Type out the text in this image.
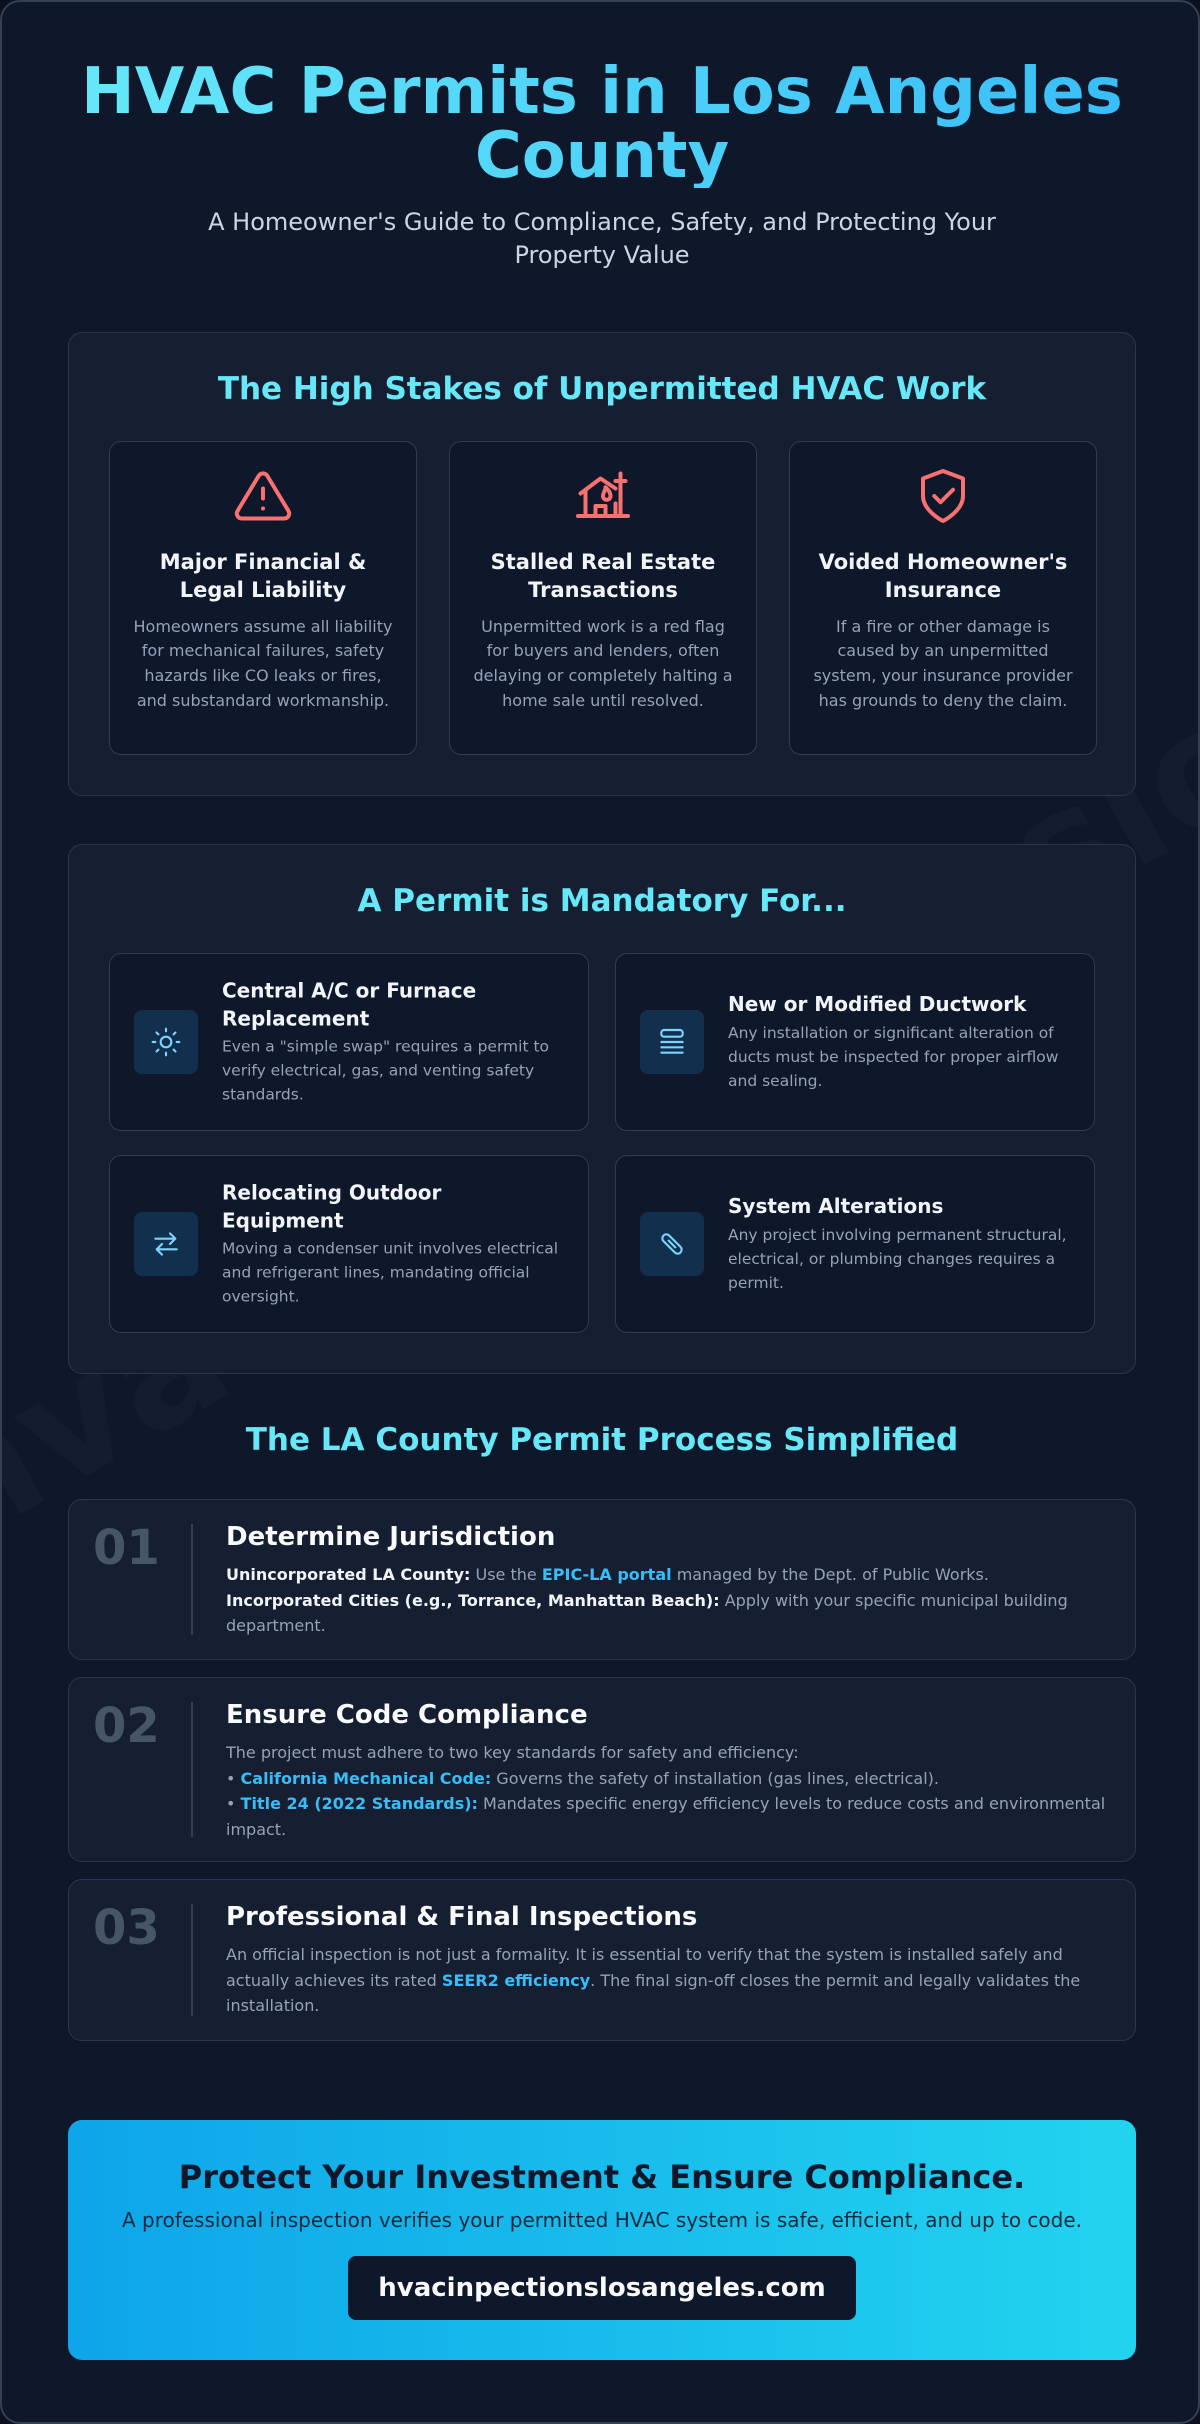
HVAC Permits in Los Angeles County

A Homeowner's Guide to Compliance, Safety, and Protecting Your Property Value

The High Stakes of Unpermitted HVAC Work
Major Financial & Legal Liability

Homeowners assume all liability for mechanical failures, safety hazards like CO leaks or fires, and substandard workmanship.

Stalled Real Estate Transactions

Unpermitted work is a red flag for buyers and lenders, often delaying or completely halting a home sale until resolved.

Voided Homeowner's Insurance

If a fire or other damage is caused by an unpermitted system, your insurance provider has grounds to deny the claim.

A Permit is Mandatory For...
Central A/C or Furnace Replacement

Even a "simple swap" requires a permit to verify electrical, gas, and venting safety standards.

New or Modified Ductwork

Any installation or significant alteration of ducts must be inspected for proper airflow and sealing.

Relocating Outdoor Equipment

Moving a condenser unit involves electrical and refrigerant lines, mandating official oversight.

System Alterations

Any project involving permanent structural, electrical, or plumbing changes requires a permit.

The LA County Permit Process Simplified
01	Determine Jurisdiction

Unincorporated LA County: Use the EPIC-LA portal managed by the Dept. of Public Works.

Incorporated Cities (e.g., Torrance, Manhattan Beach): Apply with your specific municipal building department.

02	Ensure Code Compliance

The project must adhere to two key standards for safety and efficiency:

• California Mechanical Code: Governs the safety of installation (gas lines, electrical).

• Title 24 (2022 Standards): Mandates specific energy efficiency levels to reduce costs and environmental impact.

03	Professional & Final Inspections

An official inspection is not just a formality. It is essential to verify that the system is installed safely and actually achieves its rated SEER2 efficiency. The final sign-off closes the permit and legally validates the installation.

Protect Your Investment & Ensure Compliance.

A professional inspection verifies your permitted HVAC system is safe, efficient, and up to code.

hvacinpectionslosangeles.com
